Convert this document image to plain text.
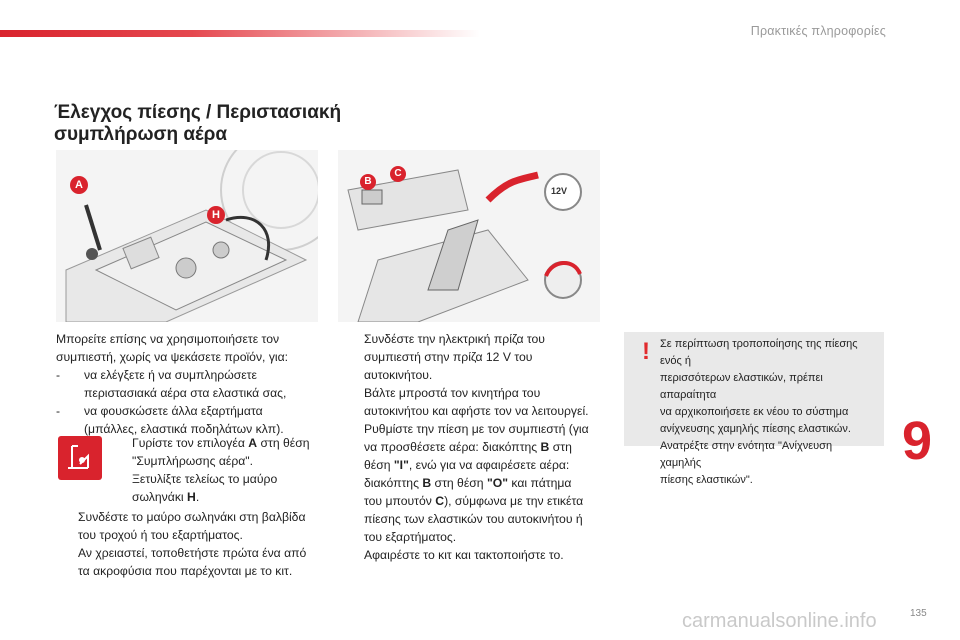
Πρακτικές πληροφορίες
Έλεγχος πίεσης / Περιστασιακή
συμπλήρωση αέρα
A
H
B
C
12V
Μπορείτε επίσης να χρησιμοποιήσετε τον
συμπιεστή, χωρίς να ψεκάσετε προϊόν, για:
-	να ελέγξετε ή να συμπληρώσετε
περιστασιακά αέρα στα ελαστικά σας,
-	να φουσκώσετε άλλα εξαρτήματα
(μπάλλες, ελαστικά ποδηλάτων κλπ).
Γυρίστε τον επιλογέα A στη θέση
"Συμπλήρωσης αέρα".
Ξετυλίξτε τελείως το μαύρο
σωληνάκι H.
Συνδέστε το μαύρο σωληνάκι στη βαλβίδα
του τροχού ή του εξαρτήματος.
Αν χρειαστεί, τοποθετήστε πρώτα ένα από
τα ακροφύσια που παρέχονται με το κιτ.
Συνδέστε την ηλεκτρική πρίζα του
συμπιεστή στην πρίζα 12 V του
αυτοκινήτου.
Βάλτε μπροστά τον κινητήρα του
αυτοκινήτου και αφήστε τον να λειτουργεί.
Ρυθμίστε την πίεση με τον συμπιεστή (για
να προσθέσετε αέρα: διακόπτης B στη
θέση "I", ενώ για να αφαιρέσετε αέρα:
διακόπτης B στη θέση "O" και πάτημα
του μπουτόν C), σύμφωνα με την ετικέτα
πίεσης των ελαστικών του αυτοκινήτου ή
του εξαρτήματος.
Αφαιρέστε το κιτ και τακτοποιήστε το.
! Σε περίπτωση τροποποίησης της πίεσης ενός ή
περισσότερων ελαστικών, πρέπει απαραίτητα
να αρχικοποιήσετε εκ νέου το σύστημα
ανίχνευσης χαμηλής πίεσης ελαστικών.
Ανατρέξτε στην ενότητα "Ανίχνευση χαμηλής
πίεσης ελαστικών".
9
carmanualsonline.info	135
